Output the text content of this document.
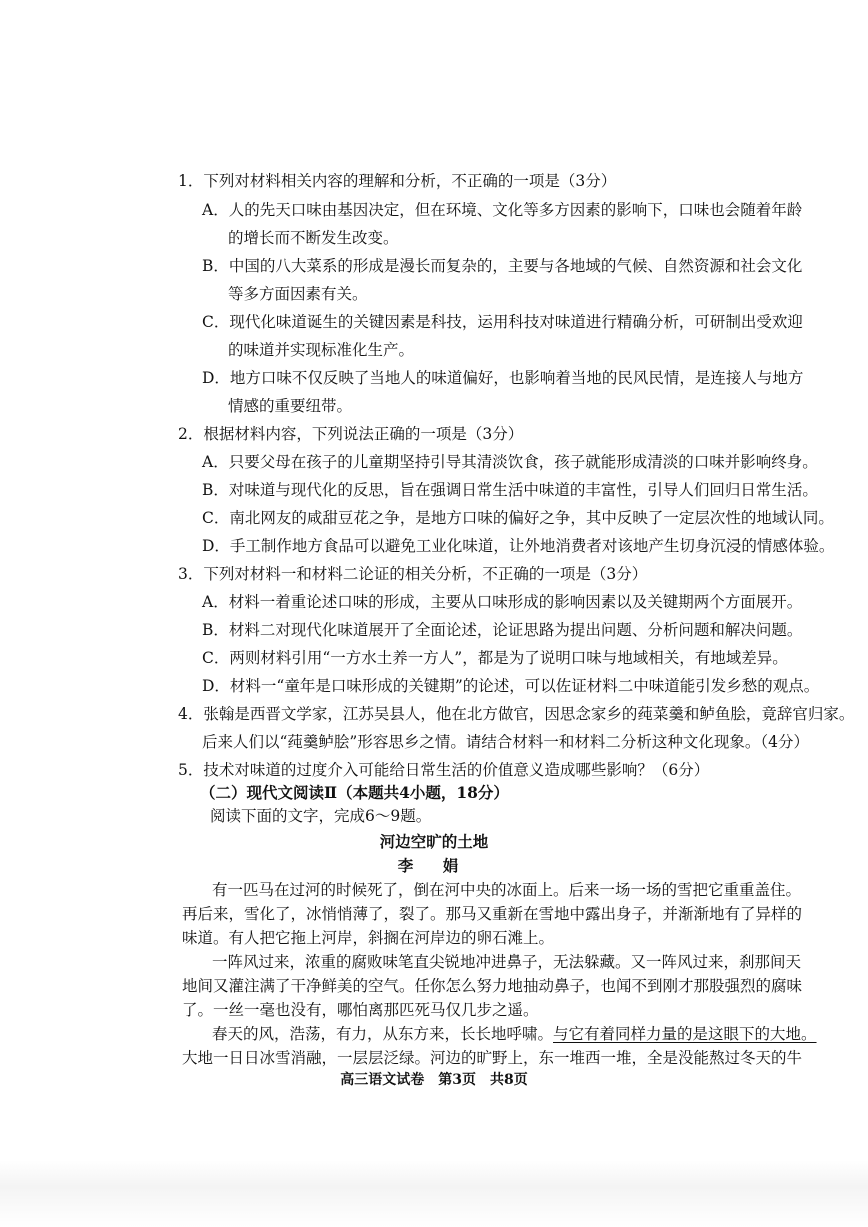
1．下列对材料相关内容的理解和分析，不正确的一项是（3分）
A．人的先天口味由基因决定，但在环境、文化等多方因素的影响下，口味也会随着年龄
的增长而不断发生改变。
B．中国的八大菜系的形成是漫长而复杂的，主要与各地域的气候、自然资源和社会文化
等多方面因素有关。
C．现代化味道诞生的关键因素是科技，运用科技对味道进行精确分析，可研制出受欢迎
的味道并实现标准化生产。
D．地方口味不仅反映了当地人的味道偏好，也影响着当地的民风民情，是连接人与地方
情感的重要纽带。
2．根据材料内容，下列说法正确的一项是（3分）
A．只要父母在孩子的儿童期坚持引导其清淡饮食，孩子就能形成清淡的口味并影响终身。
B．对味道与现代化的反思，旨在强调日常生活中味道的丰富性，引导人们回归日常生活。
C．南北网友的咸甜豆花之争，是地方口味的偏好之争，其中反映了一定层次性的地域认同。
D．手工制作地方食品可以避免工业化味道，让外地消费者对该地产生切身沉浸的情感体验。
3．下列对材料一和材料二论证的相关分析，不正确的一项是（3分）
A．材料一着重论述口味的形成，主要从口味形成的影响因素以及关键期两个方面展开。
B．材料二对现代化味道展开了全面论述，论证思路为提出问题、分析问题和解决问题。
C．两则材料引用“一方水土养一方人”，都是为了说明口味与地域相关，有地域差异。
D．材料一“童年是口味形成的关键期”的论述，可以佐证材料二中味道能引发乡愁的观点。
4．张翰是西晋文学家，江苏吴县人，他在北方做官，因思念家乡的莼菜羹和鲈鱼脍，竟辞官归家。
后来人们以“莼羹鲈脍”形容思乡之情。请结合材料一和材料二分析这种文化现象。（4分）
5．技术对味道的过度介入可能给日常生活的价值意义造成哪些影响？（6分）
（二）现代文阅读Ⅱ（本题共4小题，18分）
阅读下面的文字，完成6～9题。
河边空旷的土地
李 娟
有一匹马在过河的时候死了，倒在河中央的冰面上。后来一场一场的雪把它重重盖住。
再后来，雪化了，冰悄悄薄了，裂了。那马又重新在雪地中露出身子，并渐渐地有了异样的
味道。有人把它拖上河岸，斜搁在河岸边的卵石滩上。
一阵风过来，浓重的腐败味笔直尖锐地冲进鼻子，无法躲藏。又一阵风过来，刹那间天
地间又灌注满了干净鲜美的空气。任你怎么努力地抽动鼻子，也闻不到刚才那股强烈的腐味
了。一丝一毫也没有，哪怕离那匹死马仅几步之遥。
春天的风，浩荡，有力，从东方来，长长地呼啸。与它有着同样力量的是这眼下的大地。
大地一日日冰雪消融，一层层泛绿。河边的旷野上，东一堆西一堆，全是没能熬过冬天的牛
高三语文试卷　第3页　共8页
